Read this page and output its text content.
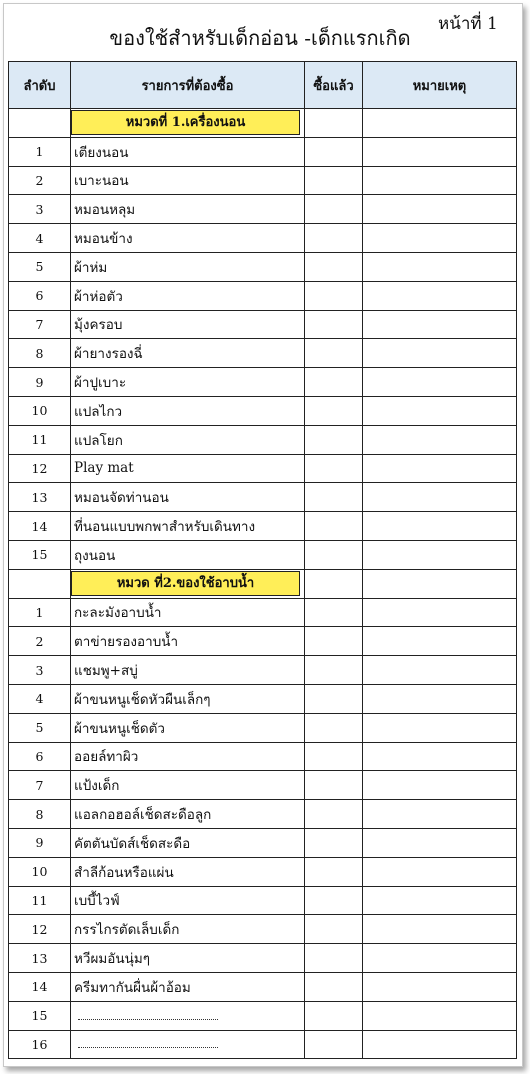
หน้าที่ 1
ของใช้สำหรับเด็กอ่อน -เด็กแรกเกิด
ลำดับ	รายการที่ต้องซื้อ	ซื้อแล้ว	หมายเหตุ
	หมวดที่ 1.เครื่องนอน		
1	เตียงนอน		
2	เบาะนอน		
3	หมอนหลุม		
4	หมอนข้าง		
5	ผ้าห่ม		
6	ผ้าห่อตัว		
7	มุ้งครอบ		
8	ผ้ายางรองฉี่		
9	ผ้าปูเบาะ		
10	แปลไกว		
11	แปลโยก		
12	Play mat		
13	หมอนจัดท่านอน		
14	ที่นอนแบบพกพาสำหรับเดินทาง		
15	ถุงนอน		
	หมวด ที่2.ของใช้อาบน้ำ		
1	กะละมังอาบน้ำ		
2	ตาข่ายรองอาบน้ำ		
3	แชมพู+สบู่		
4	ผ้าขนหนูเช็ดหัวผืนเล็กๆ		
5	ผ้าขนหนูเช็ดตัว		
6	ออยล์ทาผิว		
7	แป้งเด็ก		
8	แอลกอฮอล์เช็ดสะดือลูก		
9	คัตตันบัดส์เช็ดสะดือ		
10	สำลีก้อนหรือแผ่น		
11	เบบี้ไวฟ์		
12	กรรไกรตัดเล็บเด็ก		
13	หวีผมอันนุ่มๆ		
14	ครีมทากันผื่นผ้าอ้อม		
15			
16			
